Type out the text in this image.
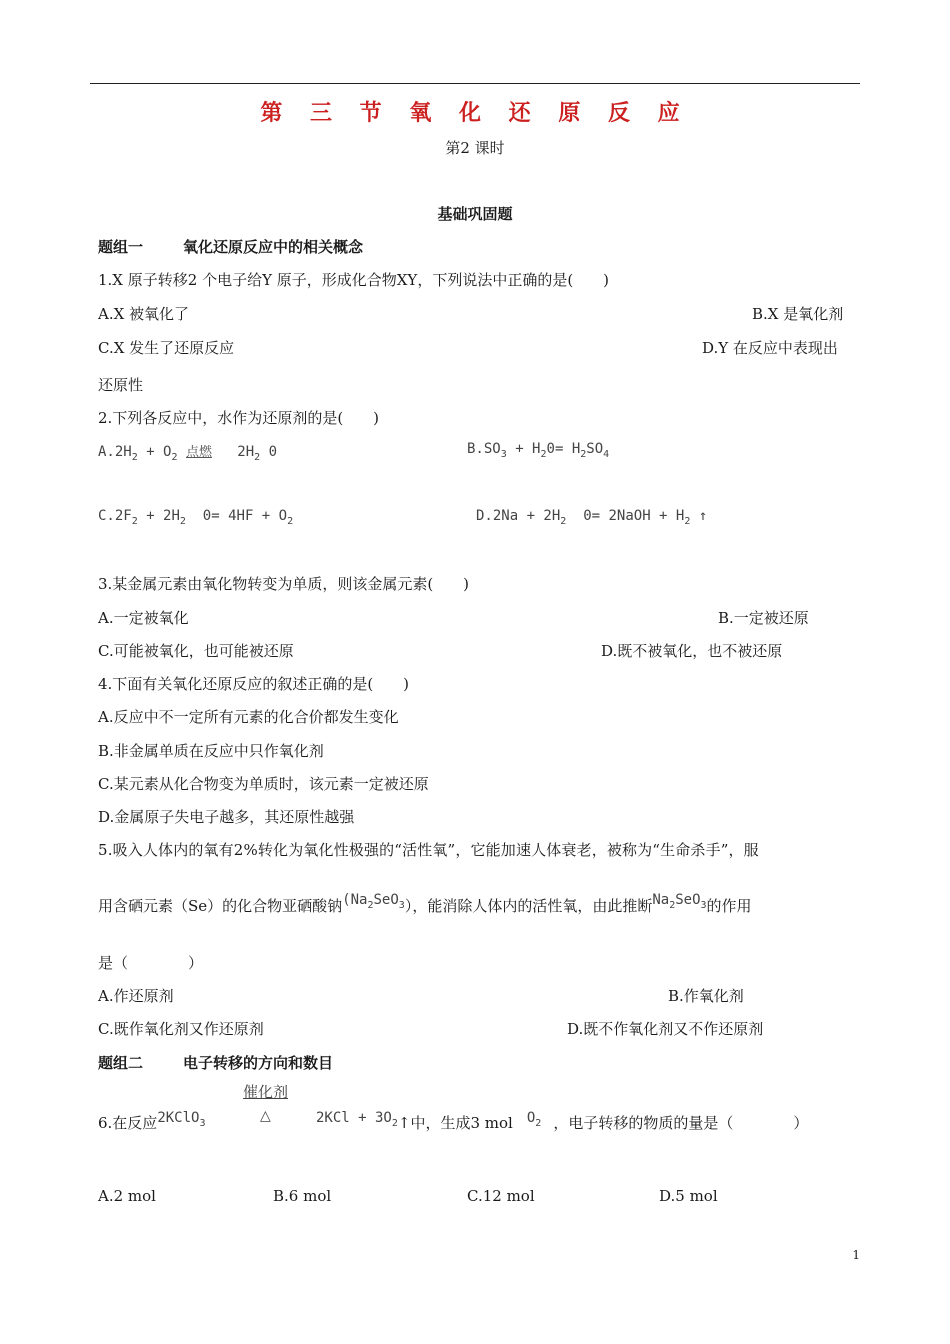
第 三 节 氧 化 还 原 反 应
第2 课时
基础巩固题
题组一	氧化还原反应中的相关概念
1.X 原子转移2 个电子给Y 原子，形成化合物XY，下列说法中正确的是(　　)
A.X 被氧化了	B.X 是氧化剂
C.X 发生了还原反应	D.Y 在反应中表现出
还原性
2.下列各反应中，水作为还原剂的是(　　)
$A.2H_2 + O_2$ 点燃 $2H_2$ 0	$B.SO_3 + H_20= H_2SO_4$
$C.2F_2 + 2H_2$ $0= 4HF + O_2$	$D.2Na + 2H_2$ 0= 2NaOH + $H_2$ ↑
3.某金属元素由氧化物转变为单质，则该金属元素(　　)
A.一定被氧化	B.一定被还原
C.可能被氧化，也可能被还原	D.既不被氧化，也不被还原
4.下面有关氧化还原反应的叙述正确的是(　　)
A.反应中不一定所有元素的化合价都发生变化
B.非金属单质在反应中只作氧化剂
C.某元素从化合物变为单质时，该元素一定被还原
D.金属原子失电子越多，其还原性越强
5.吸入人体内的氧有2%转化为氧化性极强的“活性氧”，它能加速人体衰老，被称为“生命杀手”，服
用含硒元素（Se）的化合物亚硒酸钠$(Na_2SeO_3)$，能消除人体内的活性氧，由此推断$Na_2SeO_3$的作用
是（　　　　）
A.作还原剂	B.作氧化剂
C.既作氧化剂又作还原剂	D.既不作氧化剂又不作还原剂
题组二	电子转移的方向和数目
催化剂
△
6.在反应2KClO$_3$	$2KCl + 3O_2↑$中，生成3 mol $O_2$ ，电子转移的物质的量是（　　　　）
A.2 mol	B.6 mol	C.12 mol	D.5 mol
1
